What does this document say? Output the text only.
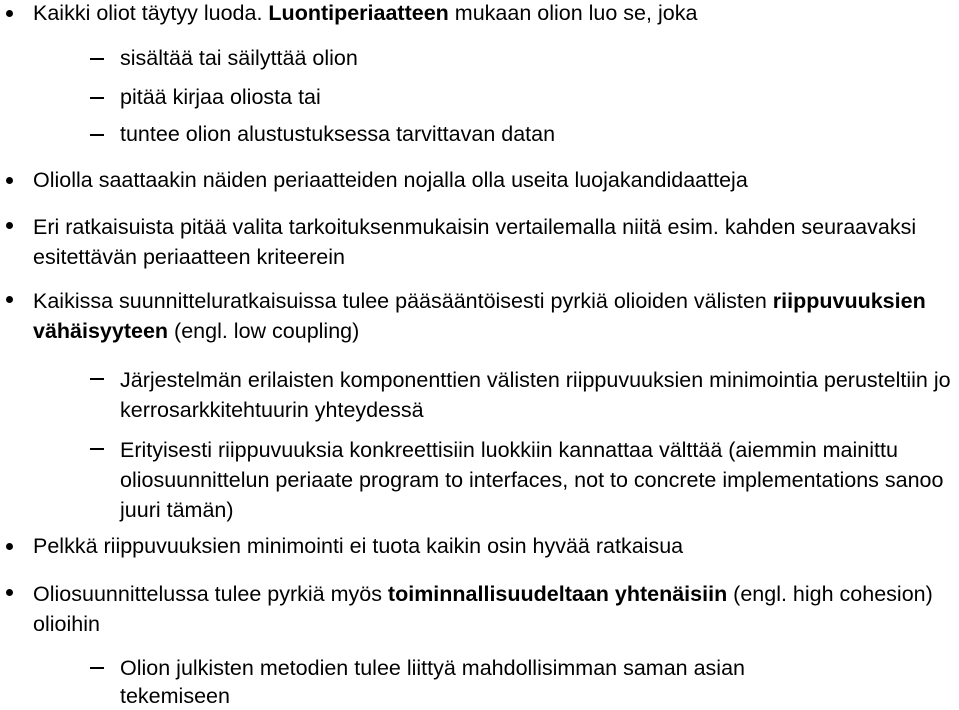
Kaikki oliot täytyy luoda. Luontiperiaatteen mukaan olion luo se, joka
sisältää tai säilyttää olion
pitää kirjaa oliosta tai
tuntee olion alustustuksessa tarvittavan datan
Oliolla saattaakin näiden periaatteiden nojalla olla useita luojakandidaatteja
Eri ratkaisuista pitää valita tarkoituksenmukaisin vertailemalla niitä esim. kahden seuraavaksi esitettävän periaatteen kriteerein
Kaikissa suunnitteluratkaisuissa tulee pääsääntöisesti pyrkiä olioiden välisten riippuvuuksien vähäisyyteen (engl. low coupling)
Järjestelmän erilaisten komponenttien välisten riippuvuuksien minimointia perusteltiin jo kerrosarkkitehtuurin yhteydessä
Erityisesti riippuvuuksia konkreettisiin luokkiin kannattaa välttää (aiemmin mainittu oliosuunnittelun periaate program to interfaces, not to concrete implementations sanoo juuri tämän)
Pelkkä riippuvuuksien minimointi ei tuota kaikin osin hyvää ratkaisua
Oliosuunnittelussa tulee pyrkiä myös toiminnallisuudeltaan yhtenäisiin (engl. high cohesion) olioihin
Olion julkisten metodien tulee liittyä mahdollisimman saman asian tekemiseen
